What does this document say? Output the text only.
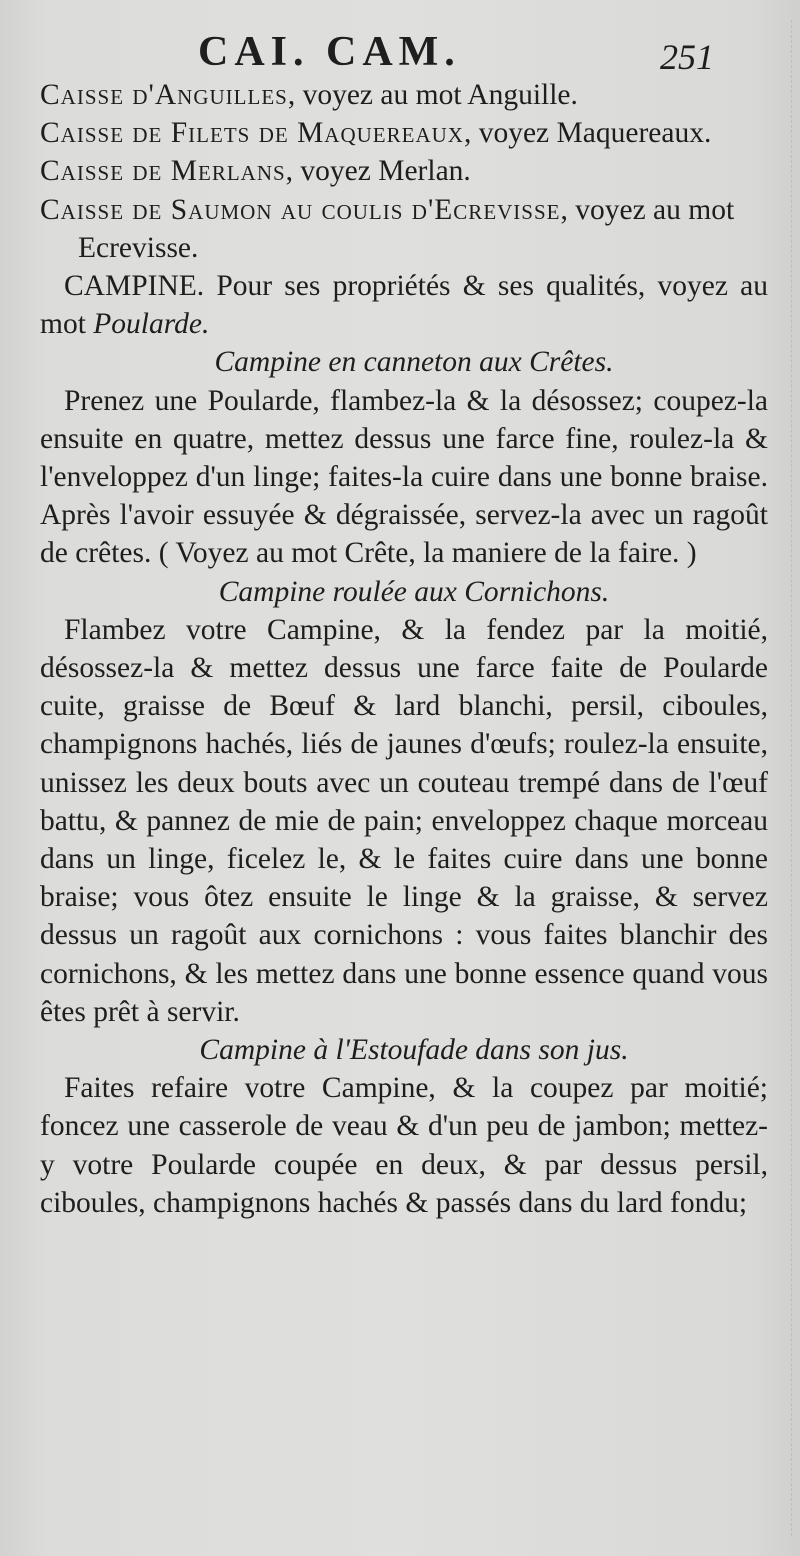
CAI. CAM.	251

Caisse d'Anguilles, voyez au mot Anguille.

Caisse de Filets de Maquereaux, voyez Maquereaux.

Caisse de Merlans, voyez Merlan.

Caisse de Saumon au coulis d'Ecrevisse, voyez au mot Ecrevisse.

CAMPINE. Pour ses propriétés & ses qualités, voyez au mot Poularde.

Campine en canneton aux Crêtes.

Prenez une Poularde, flambez-la & la désossez; coupez-la ensuite en quatre, mettez dessus une farce fine, roulez-la & l'enveloppez d'un linge; faites-la cuire dans une bonne braise. Après l'avoir essuyée & dégraissée, servez-la avec un ragoût de crêtes. ( Voyez au mot Crête, la maniere de la faire. )

Campine roulée aux Cornichons.

Flambez votre Campine, & la fendez par la moitié, désossez-la & mettez dessus une farce faite de Poularde cuite, graisse de Bœuf & lard blanchi, persil, ciboules, champignons hachés, liés de jaunes d'œufs; roulez-la ensuite, unissez les deux bouts avec un couteau trempé dans de l'œuf battu, & pannez de mie de pain; enveloppez chaque morceau dans un linge, ficelez le, & le faites cuire dans une bonne braise; vous ôtez ensuite le linge & la graisse, & servez dessus un ragoût aux cornichons : vous faites blanchir des cornichons, & les mettez dans une bonne essence quand vous êtes prêt à servir.

Campine à l'Estoufade dans son jus.

Faites refaire votre Campine, & la coupez par moitié; foncez une casserole de veau & d'un peu de jambon; mettez-y votre Poularde coupée en deux, & par dessus persil, ciboules, champignons hachés & passés dans du lard fondu;
